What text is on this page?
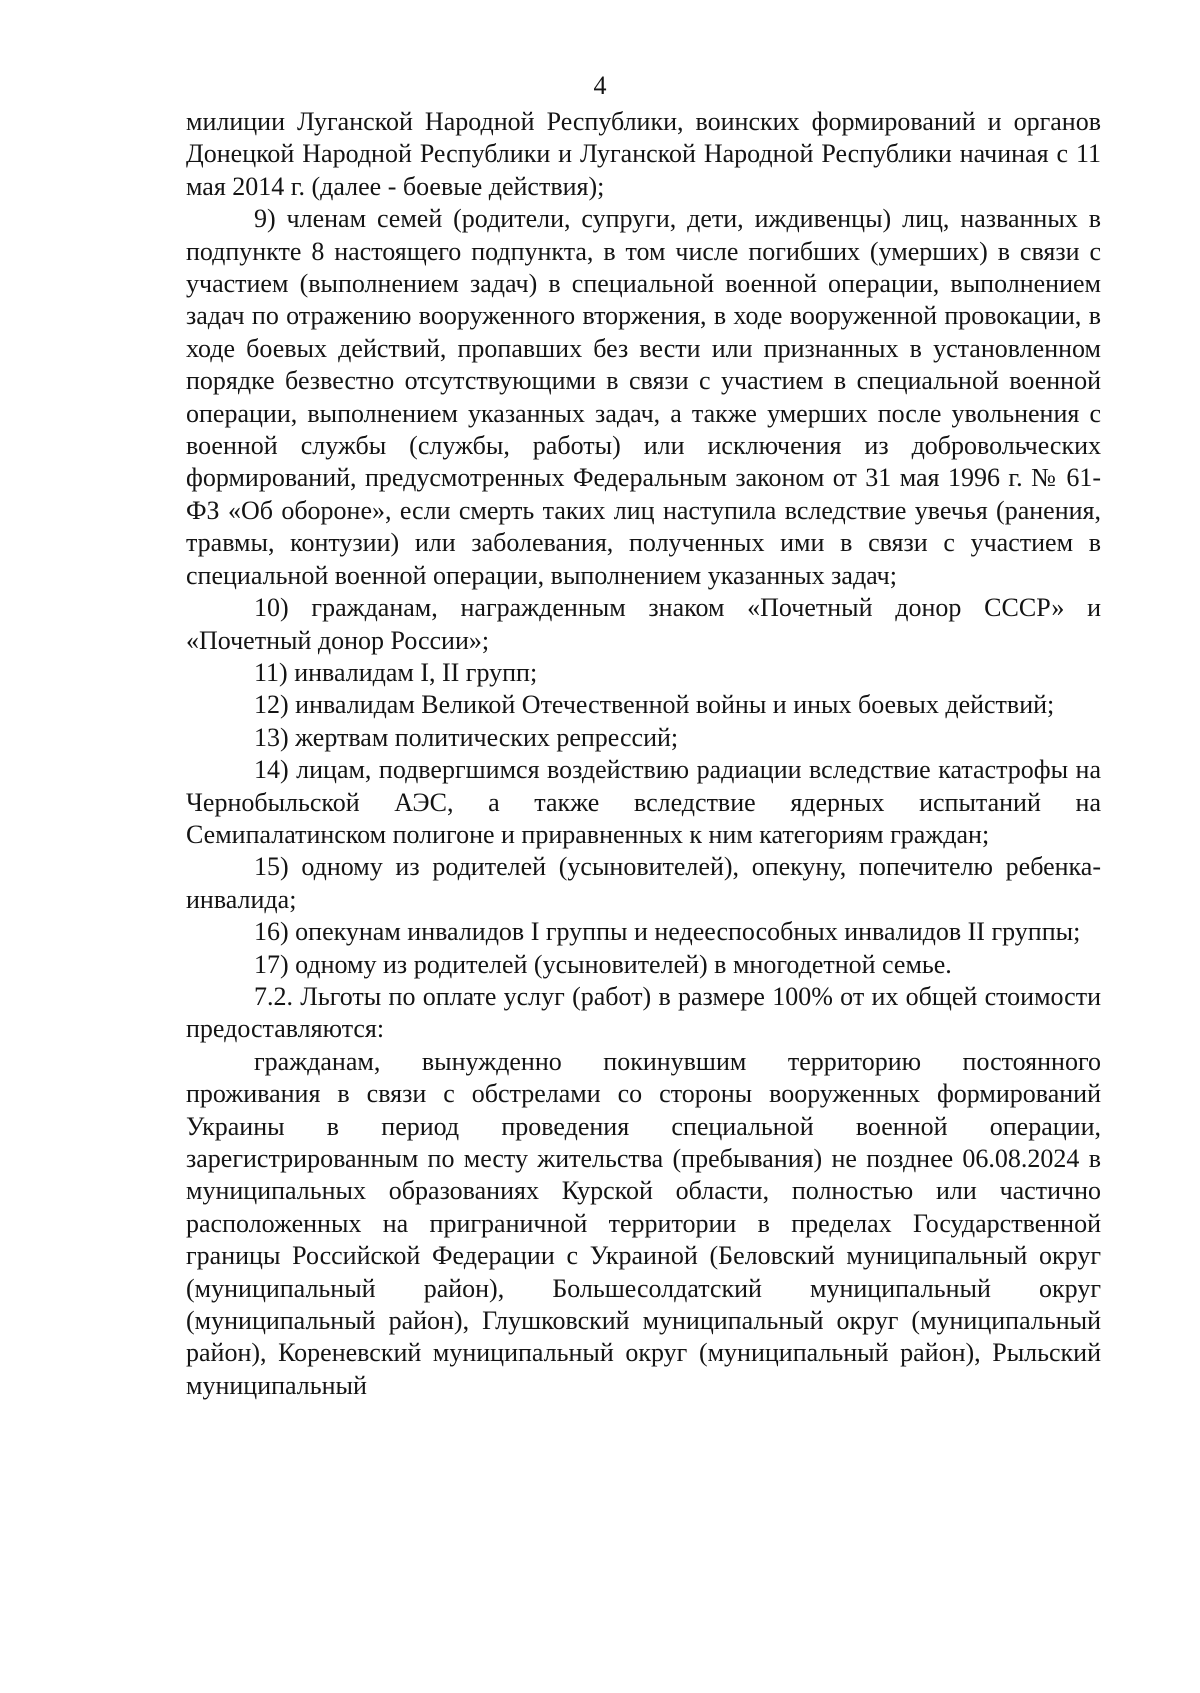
4

милиции Луганской Народной Республики, воинских формирований и органов Донецкой Народной Республики и Луганской Народной Республики начиная с 11 мая 2014 г. (далее - боевые действия);

9) членам семей (родители, супруги, дети, иждивенцы) лиц, названных в подпункте 8 настоящего подпункта, в том числе погибших (умерших) в связи с участием (выполнением задач) в специальной военной операции, выполнением задач по отражению вооруженного вторжения, в ходе вооруженной провокации, в ходе боевых действий, пропавших без вести или признанных в установленном порядке безвестно отсутствующими в связи с участием в специальной военной операции, выполнением указанных задач, а также умерших после увольнения с военной службы (службы, работы) или исключения из добровольческих формирований, предусмотренных Федеральным законом от 31 мая 1996 г. № 61-ФЗ «Об обороне», если смерть таких лиц наступила вследствие увечья (ранения, травмы, контузии) или заболевания, полученных ими в связи с участием в специальной военной операции, выполнением указанных задач;

10) гражданам, награжденным знаком «Почетный донор СССР» и «Почетный донор России»;

11) инвалидам I, II групп;

12) инвалидам Великой Отечественной войны и иных боевых действий;

13) жертвам политических репрессий;

14) лицам, подвергшимся воздействию радиации вследствие катастрофы на Чернобыльской АЭС, а также вследствие ядерных испытаний на Семипалатинском полигоне и приравненных к ним категориям граждан;

15) одному из родителей (усыновителей), опекуну, попечителю ребенка-инвалида;

16) опекунам инвалидов I группы и недееспособных инвалидов II группы;

17) одному из родителей (усыновителей) в многодетной семье.

7.2. Льготы по оплате услуг (работ) в размере 100% от их общей стоимости предоставляются:

гражданам, вынужденно покинувшим территорию постоянного проживания в связи с обстрелами со стороны вооруженных формирований Украины в период проведения специальной военной операции, зарегистрированным по месту жительства (пребывания) не позднее 06.08.2024 в муниципальных образованиях Курской области, полностью или частично расположенных на приграничной территории в пределах Государственной границы Российской Федерации с Украиной (Беловский муниципальный округ (муниципальный район), Большесолдатский муниципальный округ (муниципальный район), Глушковский муниципальный округ (муниципальный район), Кореневский муниципальный округ (муниципальный район), Рыльский муниципальный
